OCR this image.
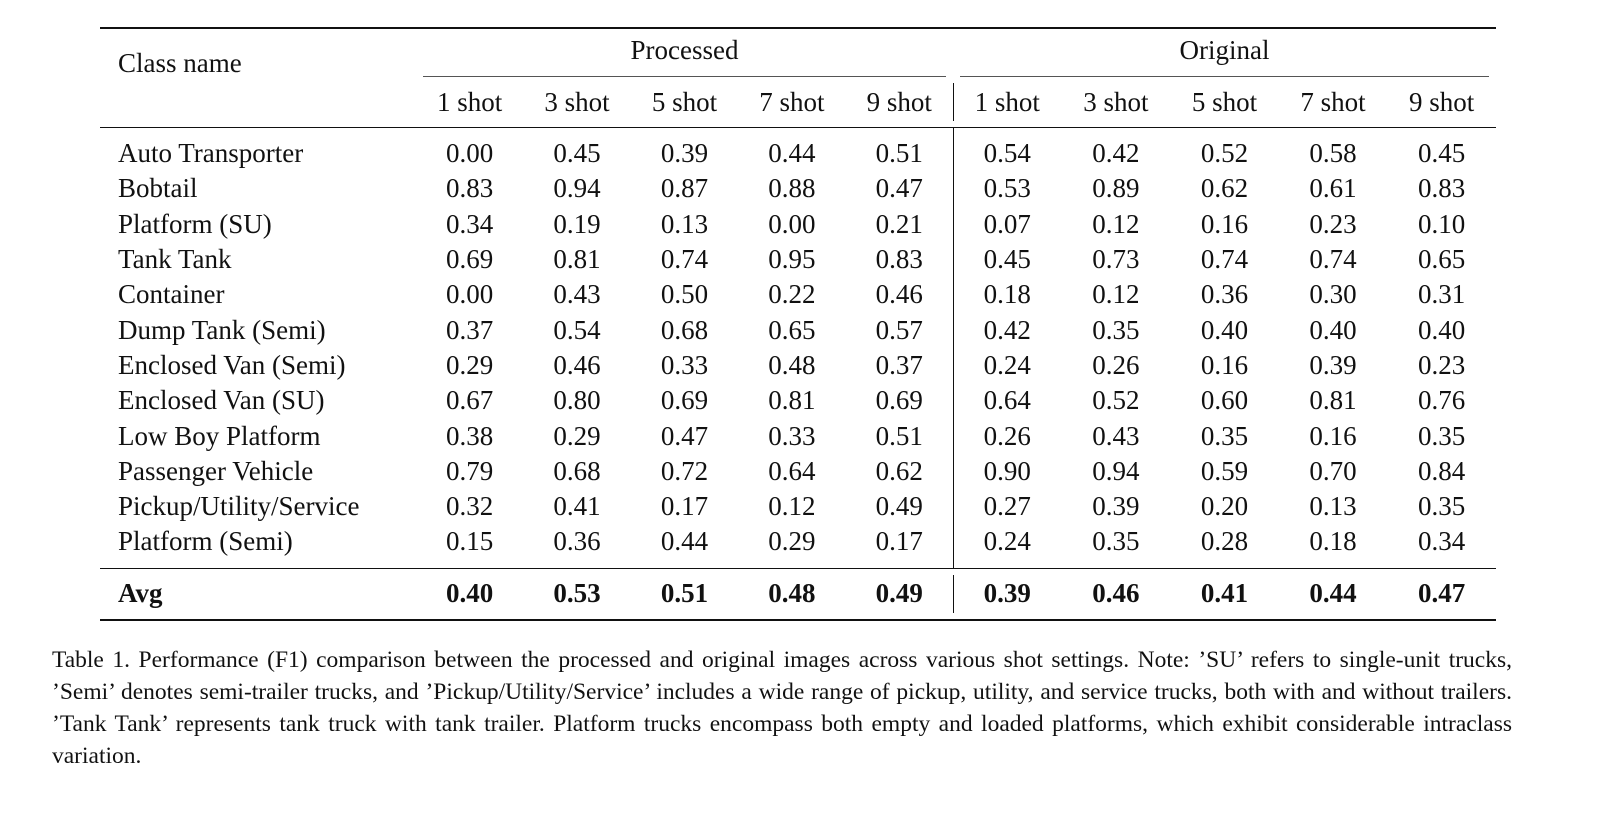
Class name	Processed					Original				

	1 shot	3 shot	5 shot	7 shot	9 shot	1 shot	3 shot	5 shot	7 shot	9 shot
Auto Transporter	0.00	0.45	0.39	0.44	0.51	0.54	0.42	0.52	0.58	0.45
Bobtail	0.83	0.94	0.87	0.88	0.47	0.53	0.89	0.62	0.61	0.83
Platform (SU)	0.34	0.19	0.13	0.00	0.21	0.07	0.12	0.16	0.23	0.10
Tank Tank	0.69	0.81	0.74	0.95	0.83	0.45	0.73	0.74	0.74	0.65
Container	0.00	0.43	0.50	0.22	0.46	0.18	0.12	0.36	0.30	0.31
Dump Tank (Semi)	0.37	0.54	0.68	0.65	0.57	0.42	0.35	0.40	0.40	0.40
Enclosed Van (Semi)	0.29	0.46	0.33	0.48	0.37	0.24	0.26	0.16	0.39	0.23
Enclosed Van (SU)	0.67	0.80	0.69	0.81	0.69	0.64	0.52	0.60	0.81	0.76
Low Boy Platform	0.38	0.29	0.47	0.33	0.51	0.26	0.43	0.35	0.16	0.35
Passenger Vehicle	0.79	0.68	0.72	0.64	0.62	0.90	0.94	0.59	0.70	0.84
Pickup/Utility/Service	0.32	0.41	0.17	0.12	0.49	0.27	0.39	0.20	0.13	0.35
Platform (Semi)	0.15	0.36	0.44	0.29	0.17	0.24	0.35	0.28	0.18	0.34
Avg	0.40	0.53	0.51	0.48	0.49	0.39	0.46	0.41	0.44	0.47
Table 1. Performance (F1) comparison between the processed and original images across various shot settings. Note: ’SU’ refers to single-unit trucks, ’Semi’ denotes semi-trailer trucks, and ’Pickup/Utility/Service’ includes a wide range of pickup, utility, and service trucks, both with and without trailers. ’Tank Tank’ represents tank truck with tank trailer. Platform trucks encompass both empty and loaded platforms, which exhibit considerable intraclass variation.
